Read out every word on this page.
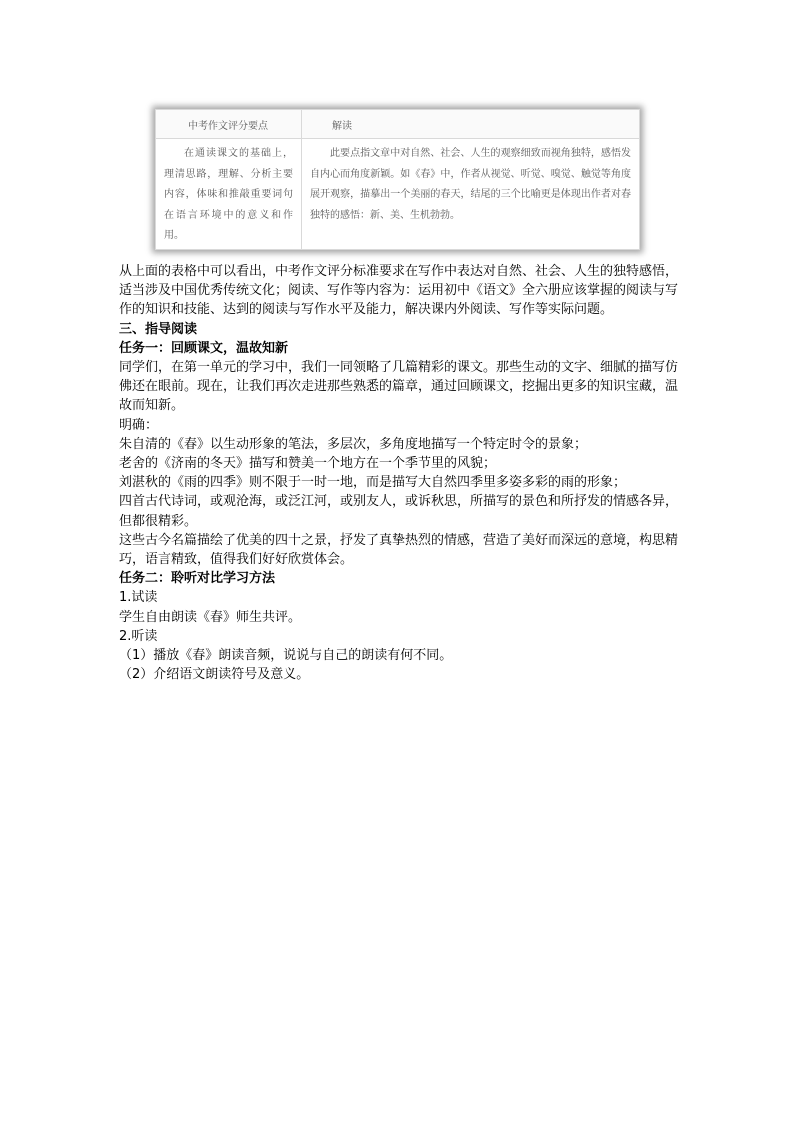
中考作文评分要点	解读
在通读课文的基础上，理清思路，理解、分析主要内容，体味和推敲重要词句在语言环境中的意义和作用。	此要点指文章中对自然、社会、人生的观察细致而视角独特，感悟发自内心而角度新颖。如《春》中，作者从视觉、听觉、嗅觉、触觉等角度展开观察，描摹出一个美丽的春天，结尾的三个比喻更是体现出作者对春独特的感悟：新、美、生机勃勃。

从上面的表格中可以看出，中考作文评分标准要求在写作中表达对自然、社会、人生的独特感悟，适当涉及中国优秀传统文化；阅读、写作等内容为：运用初中《语文》全六册应该掌握的阅读与写作的知识和技能、达到的阅读与写作水平及能力，解决课内外阅读、写作等实际问题。

三、指导阅读

任务一：回顾课文，温故知新

同学们，在第一单元的学习中，我们一同领略了几篇精彩的课文。那些生动的文字、细腻的描写仿佛还在眼前。现在，让我们再次走进那些熟悉的篇章，通过回顾课文，挖掘出更多的知识宝藏，温故而知新。

明确：

朱自清的《春》以生动形象的笔法，多层次，多角度地描写一个特定时令的景象；

老舍的《济南的冬天》描写和赞美一个地方在一个季节里的风貌；

刘湛秋的《雨的四季》则不限于一时一地，而是描写大自然四季里多姿多彩的雨的形象；

四首古代诗词，或观沧海，或泛江河，或别友人，或诉秋思，所描写的景色和所抒发的情感各异，但都很精彩。

这些古今名篇描绘了优美的四十之景，抒发了真挚热烈的情感，营造了美好而深远的意境，构思精巧，语言精致，值得我们好好欣赏体会。

任务二：聆听对比学习方法

1.试读

学生自由朗读《春》师生共评。

2.听读

（1）播放《春》朗读音频，说说与自己的朗读有何不同。

（2）介绍语文朗读符号及意义。
